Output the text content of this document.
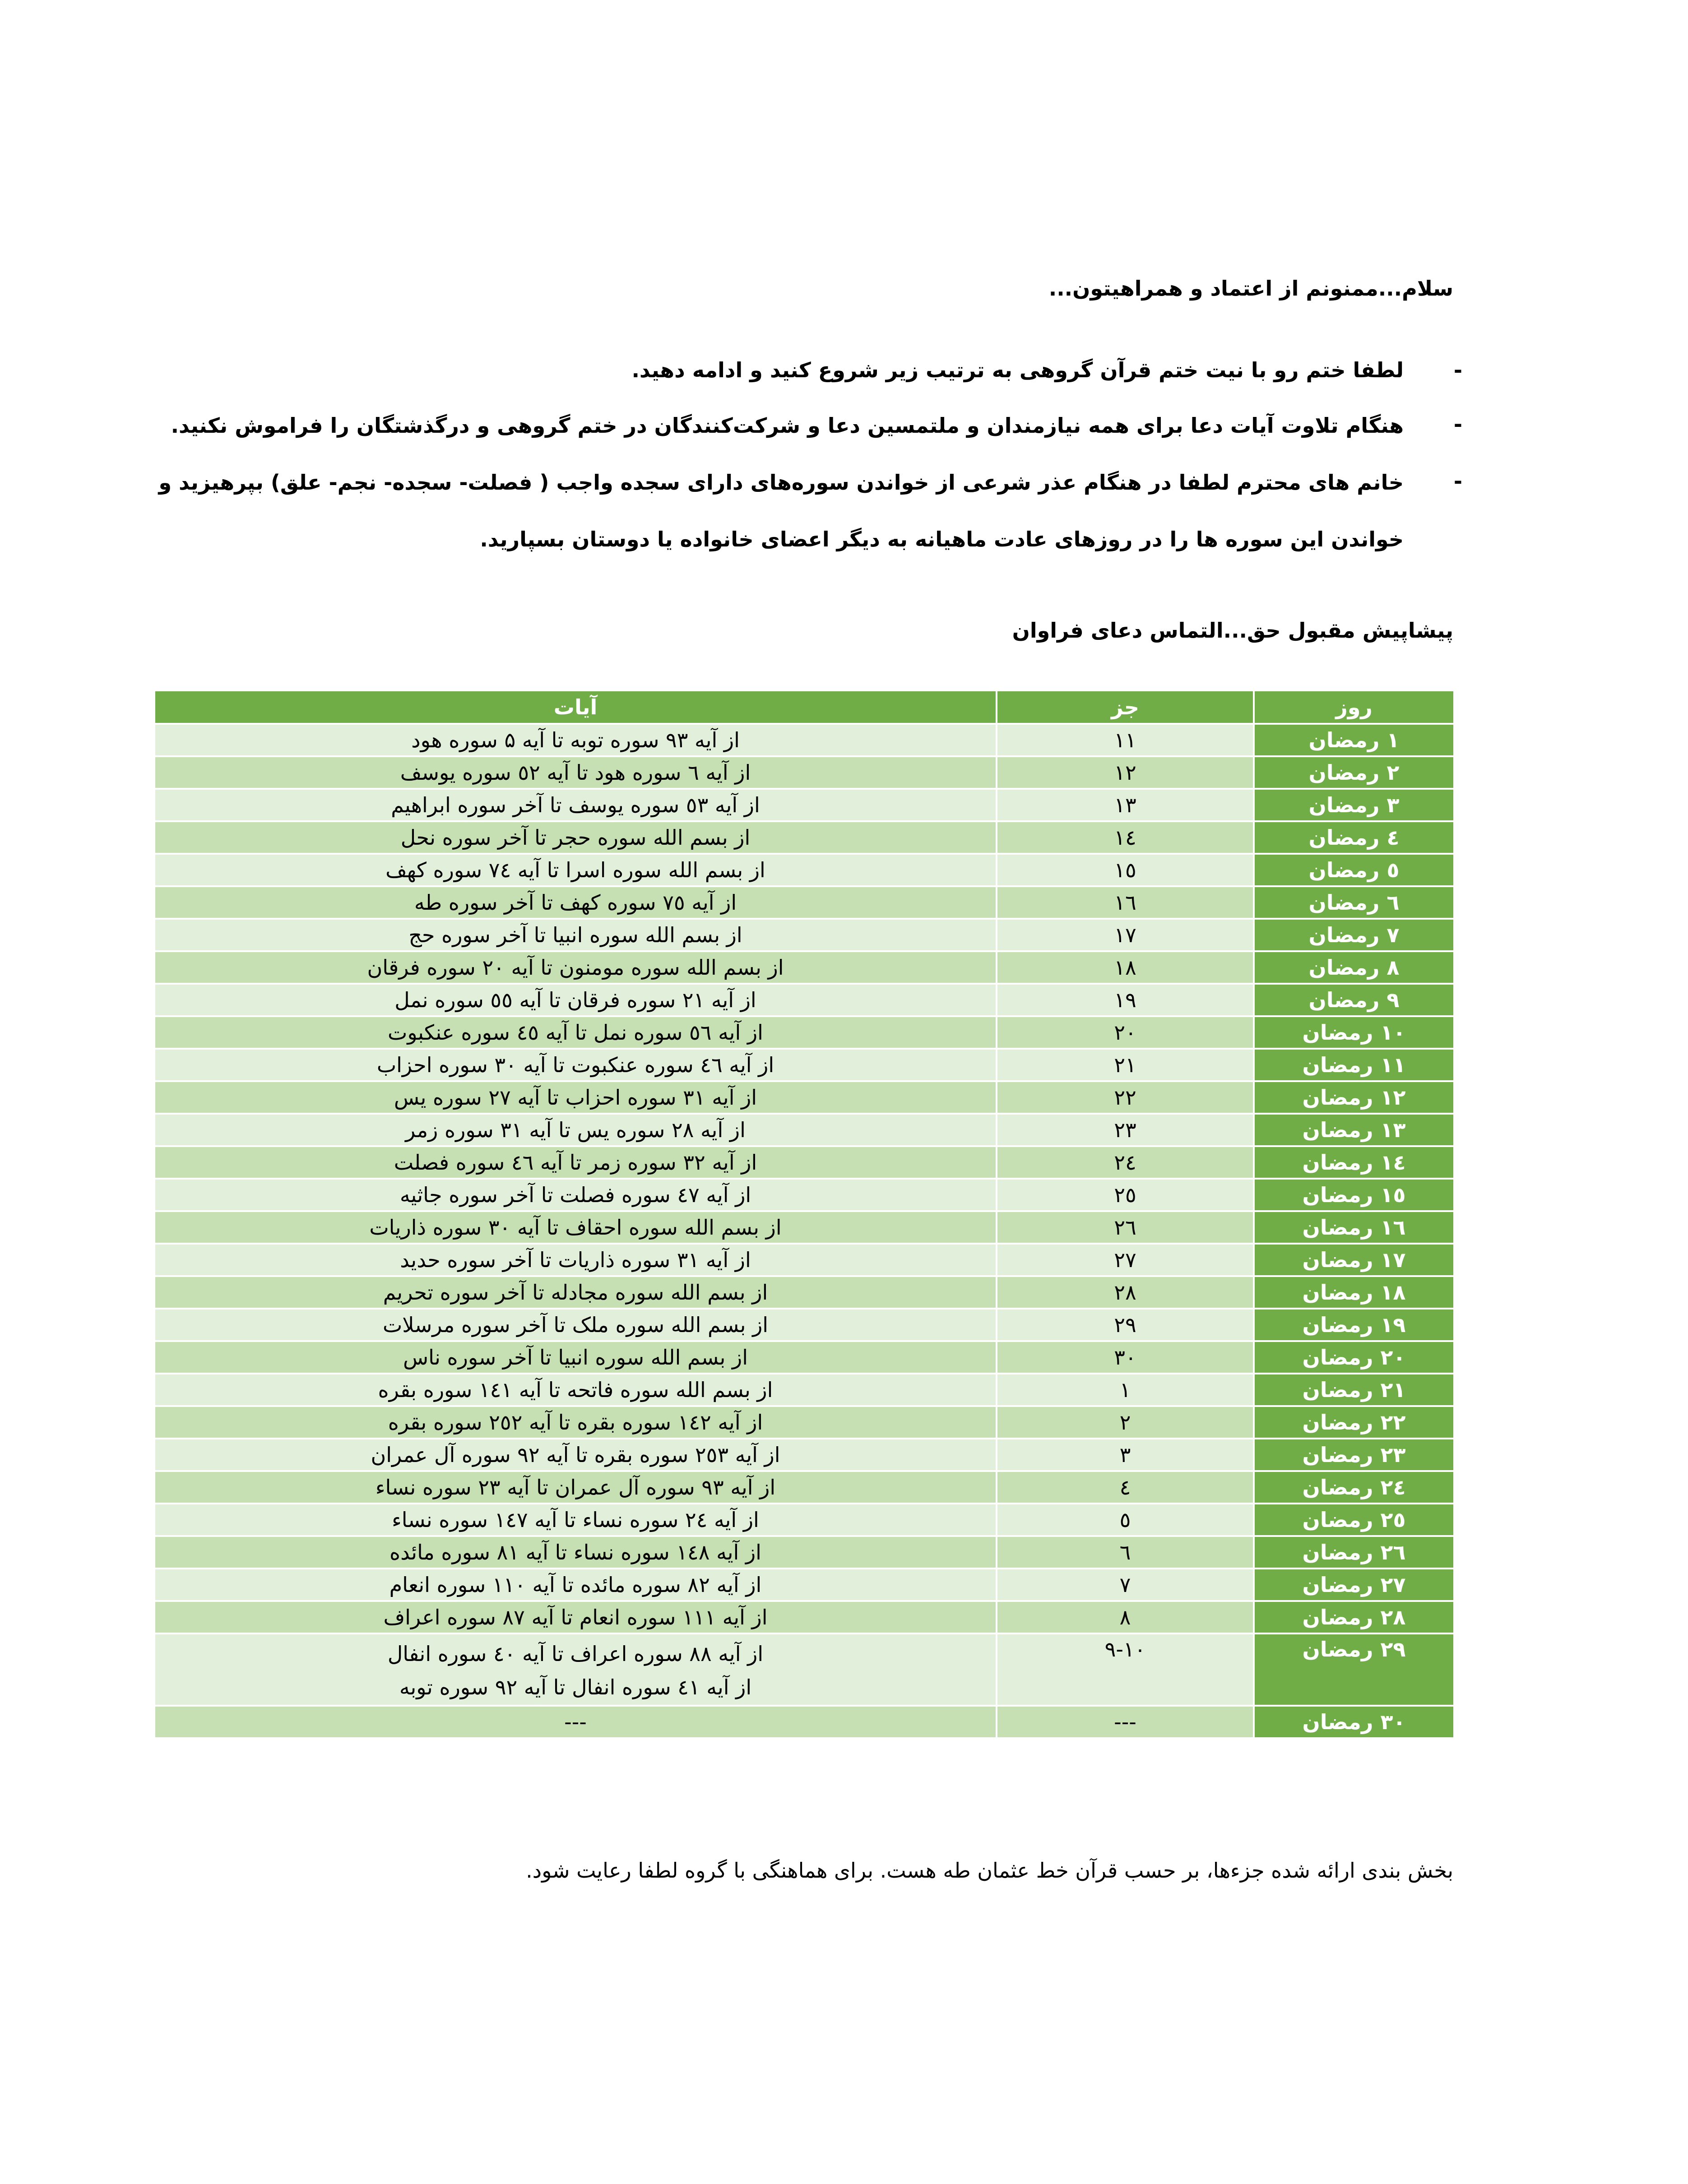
سلام...ممنونم از اعتماد و همراهیتون...
-
لطفا ختم رو با نیت ختم قرآن گروهی به ترتیب زیر شروع کنید و ادامه دهید.
-
هنگام تلاوت آیات دعا برای همه نیازمندان و ملتمسین دعا و شرکت‌کنندگان در ختم گروهی و درگذشتگان را فراموش نکنید.
-
خانم های محترم لطفا در هنگام عذر شرعی از خواندن سوره‌های دارای سجده واجب ( فصلت- سجده- نجم- علق) بپرهیزید و خواندن این سوره ها را در روزهای عادت ماهیانه به دیگر اعضای خانواده یا دوستان بسپارید.
پیشاپیش مقبول حق...التماس دعای فراوان
روز	جز	آیات
۱ رمضان	۱۱	از آیه ۹۳ سوره توبه تا آیه ۵ سوره هود

۲ رمضان	۱۲	از آیه ٦ سوره هود تا آیه ٥۲ سوره یوسف

۳ رمضان	۱۳	از آیه ٥۳ سوره یوسف تا آخر سوره ابراهیم

٤ رمضان	١٤	از بسم الله سوره حجر تا آخر سوره نحل

٥ رمضان	۱٥	از بسم الله سوره اسرا تا آیه ۷٤ سوره کهف

٦ رمضان	۱٦	از آیه ۷٥ سوره کهف تا آخر سوره طه

۷ رمضان	۱۷	از بسم الله سوره انبیا تا آخر سوره حج

۸ رمضان	۱۸	از بسم الله سوره مومنون تا آیه ۲۰ سوره فرقان

۹ رمضان	۱۹	از آیه ۲۱ سوره فرقان تا آیه ٥٥ سوره نمل

۱۰ رمضان	۲۰	از آیه ٥٦ سوره نمل تا آیه ٤٥ سوره عنکبوت

۱۱ رمضان	۲۱	از آیه ٤٦ سوره عنکبوت تا آیه ۳۰ سوره احزاب

۱۲ رمضان	۲۲	از آیه ۳۱ سوره احزاب تا آیه ۲۷ سوره یس

۱۳ رمضان	۲۳	از آیه ۲۸ سوره یس تا آیه ۳۱ سوره زمر

١٤ رمضان	۲٤	از آیه ۳۲ سوره زمر تا آیه ٤٦ سوره فصلت

١٥ رمضان	۲٥	از آیه ٤۷ سوره فصلت تا آخر سوره جاثیه

١٦ رمضان	۲٦	از بسم الله سوره احقاف تا آیه ۳۰ سوره ذاریات

۱۷ رمضان	۲۷	از آیه ۳۱ سوره ذاریات تا آخر سوره حدید

۱۸ رمضان	۲۸	از بسم الله سوره مجادله تا آخر سوره تحریم

۱۹ رمضان	۲۹	از بسم الله سوره ملک تا آخر سوره مرسلات

۲۰ رمضان	۳۰	از بسم الله سوره انبیا تا آخر سوره ناس

۲۱ رمضان	۱	از بسم الله سوره فاتحه تا آیه ۱٤۱ سوره بقره

۲۲ رمضان	۲	از آیه ۱٤۲ سوره بقره تا آیه ۲٥۲ سوره بقره

۲۳ رمضان	۳	از آیه ۲٥۳ سوره بقره تا آیه ۹۲ سوره آل عمران

٢٤ رمضان	٤	از آیه ۹۳ سوره آل عمران تا آیه ۲۳ سوره نساء

٢٥ رمضان	٥	از آیه ۲٤ سوره نساء تا آیه ۱٤۷ سوره نساء

٢٦ رمضان	٦	از آیه ۱٤۸ سوره نساء تا آیه ۸۱ سوره مائده

۲۷ رمضان	۷	از آیه ۸۲ سوره مائده تا آیه ۱۱۰ سوره انعام

۲۸ رمضان	۸	از آیه ۱۱۱ سوره انعام تا آیه ۸۷ سوره اعراف

۲۹ رمضان	۹-۱۰	از آیه ۸۸ سوره اعراف تا آیه ٤۰ سوره انفال
از آیه ٤۱ سوره انفال تا آیه ۹۲ سوره توبه

۳۰ رمضان	---	---
بخش بندی ارائه شده جزءها، بر حسب قرآن خط عثمان طه هست. برای هماهنگی با گروه لطفا رعایت شود.
